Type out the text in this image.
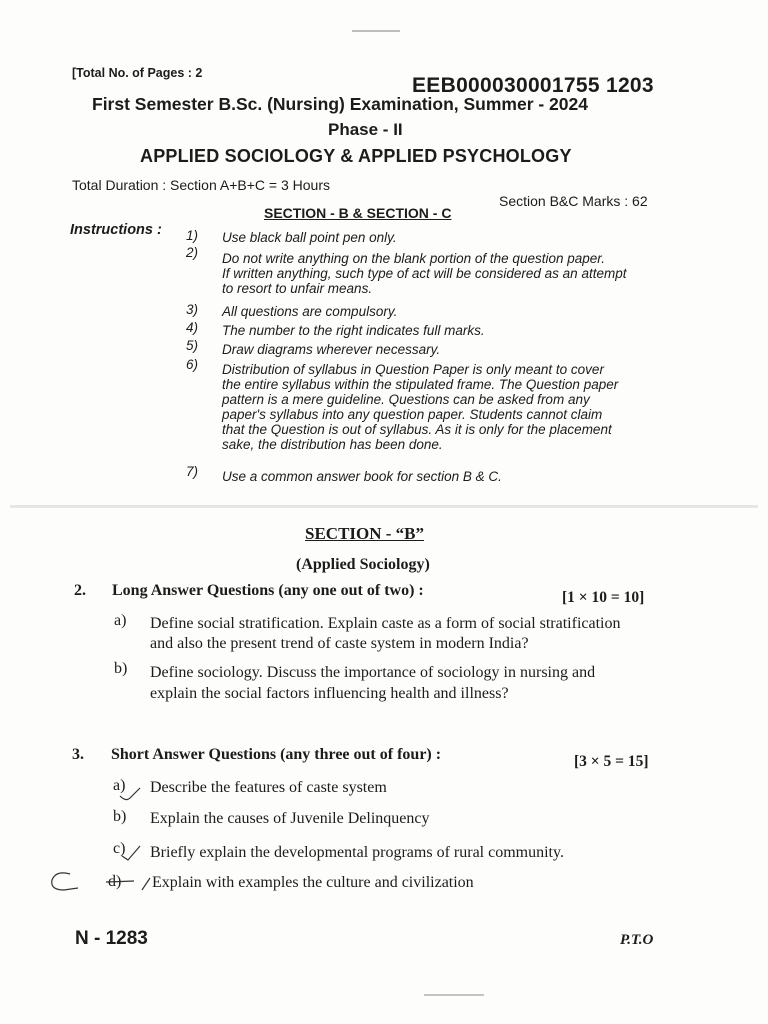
[Total No. of Pages : 2
EEB000030001755 1203
First Semester B.Sc. (Nursing) Examination, Summer - 2024
Phase - II
APPLIED SOCIOLOGY & APPLIED PSYCHOLOGY
Total Duration : Section A+B+C = 3 Hours
Section B&C Marks : 62
SECTION - B & SECTION - C
Instructions : 1) Use black ball point pen only.
2) Do not write anything on the blank portion of the question paper.
If written anything, such type of act will be considered as an attempt
to resort to unfair means.
3) All questions are compulsory.
4) The number to the right indicates full marks.
5) Draw diagrams wherever necessary.
6) Distribution of syllabus in Question Paper is only meant to cover
the entire syllabus within the stipulated frame. The Question paper
pattern is a mere guideline. Questions can be asked from any
paper's syllabus into any question paper. Students cannot claim
that the Question is out of syllabus. As it is only for the placement
sake, the distribution has been done.
7) Use a common answer book for section B & C.
SECTION - “B”
(Applied Sociology)
2. Long Answer Questions (any one out of two) :	[1 × 10 = 10]
a) Define social stratification. Explain caste as a form of social stratification
and also the present trend of caste system in modern India?
b) Define sociology. Discuss the importance of sociology in nursing and
explain the social factors influencing health and illness?
3. Short Answer Questions (any three out of four) :	[3 × 5 = 15]
a) Describe the features of caste system
b) Explain the causes of Juvenile Delinquency
c) Briefly explain the developmental programs of rural community.
d) Explain with examples the culture and civilization
N - 1283	P.T.O
